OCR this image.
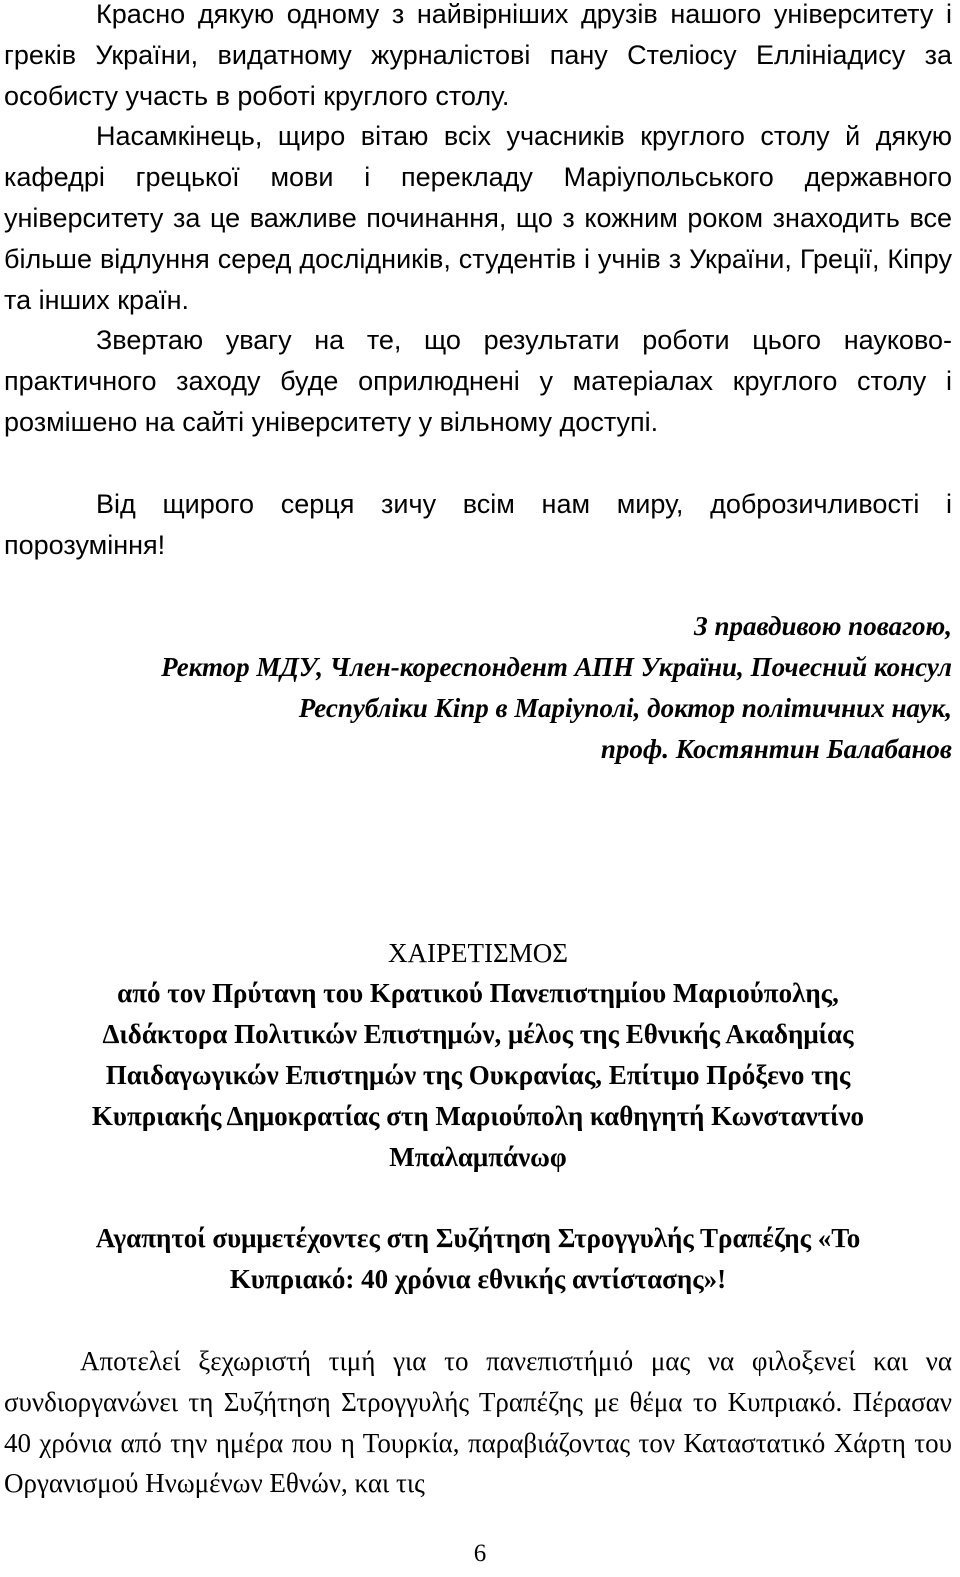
Красно дякую одному з найвірніших друзів нашого університету і греків України, видатному журналістові пану Стеліосу Еллініадису за особисту участь в роботі круглого столу.

Насамкінець, щиро вітаю всіх учасників круглого столу й дякую кафедрі грецької мови і перекладу Маріупольського державного університету за це важливе починання, що з кожним роком знаходить все більше відлуння серед дослідників, студентів і учнів з України, Греції, Кіпру та інших країн.

Звертаю увагу на те, що результати роботи цього науково-практичного заходу буде оприлюднені у матеріалах круглого столу і розмішено на сайті університету у вільному доступі.

Від щирого серця зичу всім нам миру, доброзичливості і порозуміння!

З правдивою повагою,

Ректор МДУ, Член-кореспондент АПН України, Почесний консул

Республіки Кіпр в Маріуполі, доктор політичних наук,

проф. Костянтин Балабанов

ΧΑΙΡΕΤΙΣΜΟΣ

από τον Πρύτανη του Κρατικού Πανεπιστημίου Μαριούπολης,

Διδάκτορα Πολιτικών Επιστημών, μέλος της Εθνικής Ακαδημίας

Παιδαγωγικών Επιστημών της Ουκρανίας, Επίτιμο Πρόξενο της

Κυπριακής Δημοκρατίας στη Μαριούπολη καθηγητή Κωνσταντίνο

Μπαλαμπάνωφ

Αγαπητοί συμμετέχοντες στη Συζήτηση Στρογγυλής Τραπέζης «Το

Κυπριακό: 40 χρόνια εθνικής αντίστασης»!

Αποτελεί ξεχωριστή τιμή για το πανεπιστήμιό μας να φιλοξενεί και να συνδιοργανώνει τη Συζήτηση Στρογγυλής Τραπέζης με θέμα το Κυπριακό. Πέρασαν 40 χρόνια από την ημέρα που η Τουρκία, παραβιάζοντας τον Καταστατικό Χάρτη του Οργανισμού Ηνωμένων Εθνών, και τις

6
